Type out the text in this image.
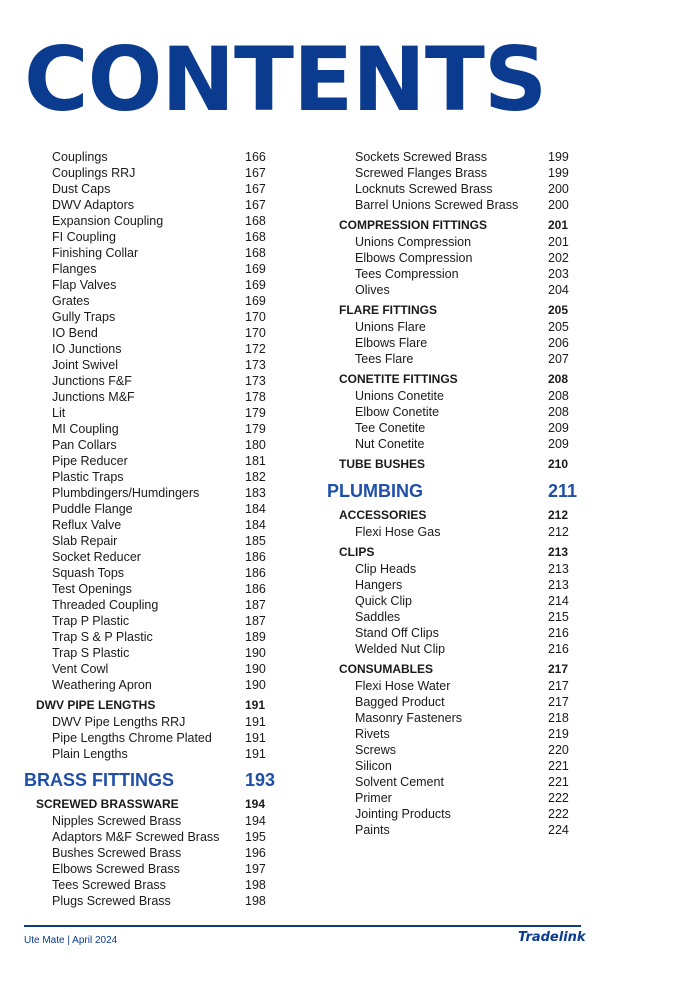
CONTENTS
Couplings	166
Couplings RRJ	167
Dust Caps	167
DWV Adaptors	167
Expansion Coupling	168
FI Coupling	168
Finishing Collar	168
Flanges	169
Flap Valves	169
Grates	169
Gully Traps	170
IO Bend	170
IO Junctions	172
Joint Swivel	173
Junctions F&F	173
Junctions M&F	178
Lit	179
MI Coupling	179
Pan Collars	180
Pipe Reducer	181
Plastic Traps	182
Plumbdingers/Humdingers	183
Puddle Flange	184
Reflux Valve	184
Slab Repair	185
Socket Reducer	186
Squash Tops	186
Test Openings	186
Threaded Coupling	187
Trap P Plastic	187
Trap S & P Plastic	189
Trap S Plastic	190
Vent Cowl	190
Weathering Apron	190
DWV PIPE LENGTHS	191
DWV Pipe Lengths RRJ	191
Pipe Lengths Chrome Plated	191
Plain Lengths	191
BRASS FITTINGS	193
SCREWED BRASSWARE	194
Nipples Screwed Brass	194
Adaptors M&F Screwed Brass 195
Bushes Screwed Brass	196
Elbows Screwed Brass	197
Tees Screwed Brass	198
Plugs Screwed Brass	198
Sockets Screwed Brass	199
Screwed Flanges Brass	199
Locknuts Screwed Brass	200
Barrel Unions Screwed Brass 200
COMPRESSION FITTINGS	201
Unions Compression	201
Elbows Compression	202
Tees Compression	203
Olives	204
FLARE FITTINGS	205
Unions Flare	205
Elbows Flare	206
Tees Flare	207
CONETITE FITTINGS	208
Unions Conetite	208
Elbow Conetite	208
Tee Conetite	209
Nut Conetite	209
TUBE BUSHES	210
PLUMBING	211
ACCESSORIES	212
Flexi Hose Gas	212
CLIPS	213
Clip Heads	213
Hangers	213
Quick Clip	214
Saddles	215
Stand Off Clips	216
Welded Nut Clip	216
CONSUMABLES	217
Flexi Hose Water	217
Bagged Product	217
Masonry Fasteners	218
Rivets	219
Screws	220
Silicon	221
Solvent Cement	221
Primer	222
Jointing Products	222
Paints	224
Ute Mate | April 2024	Tradelink
